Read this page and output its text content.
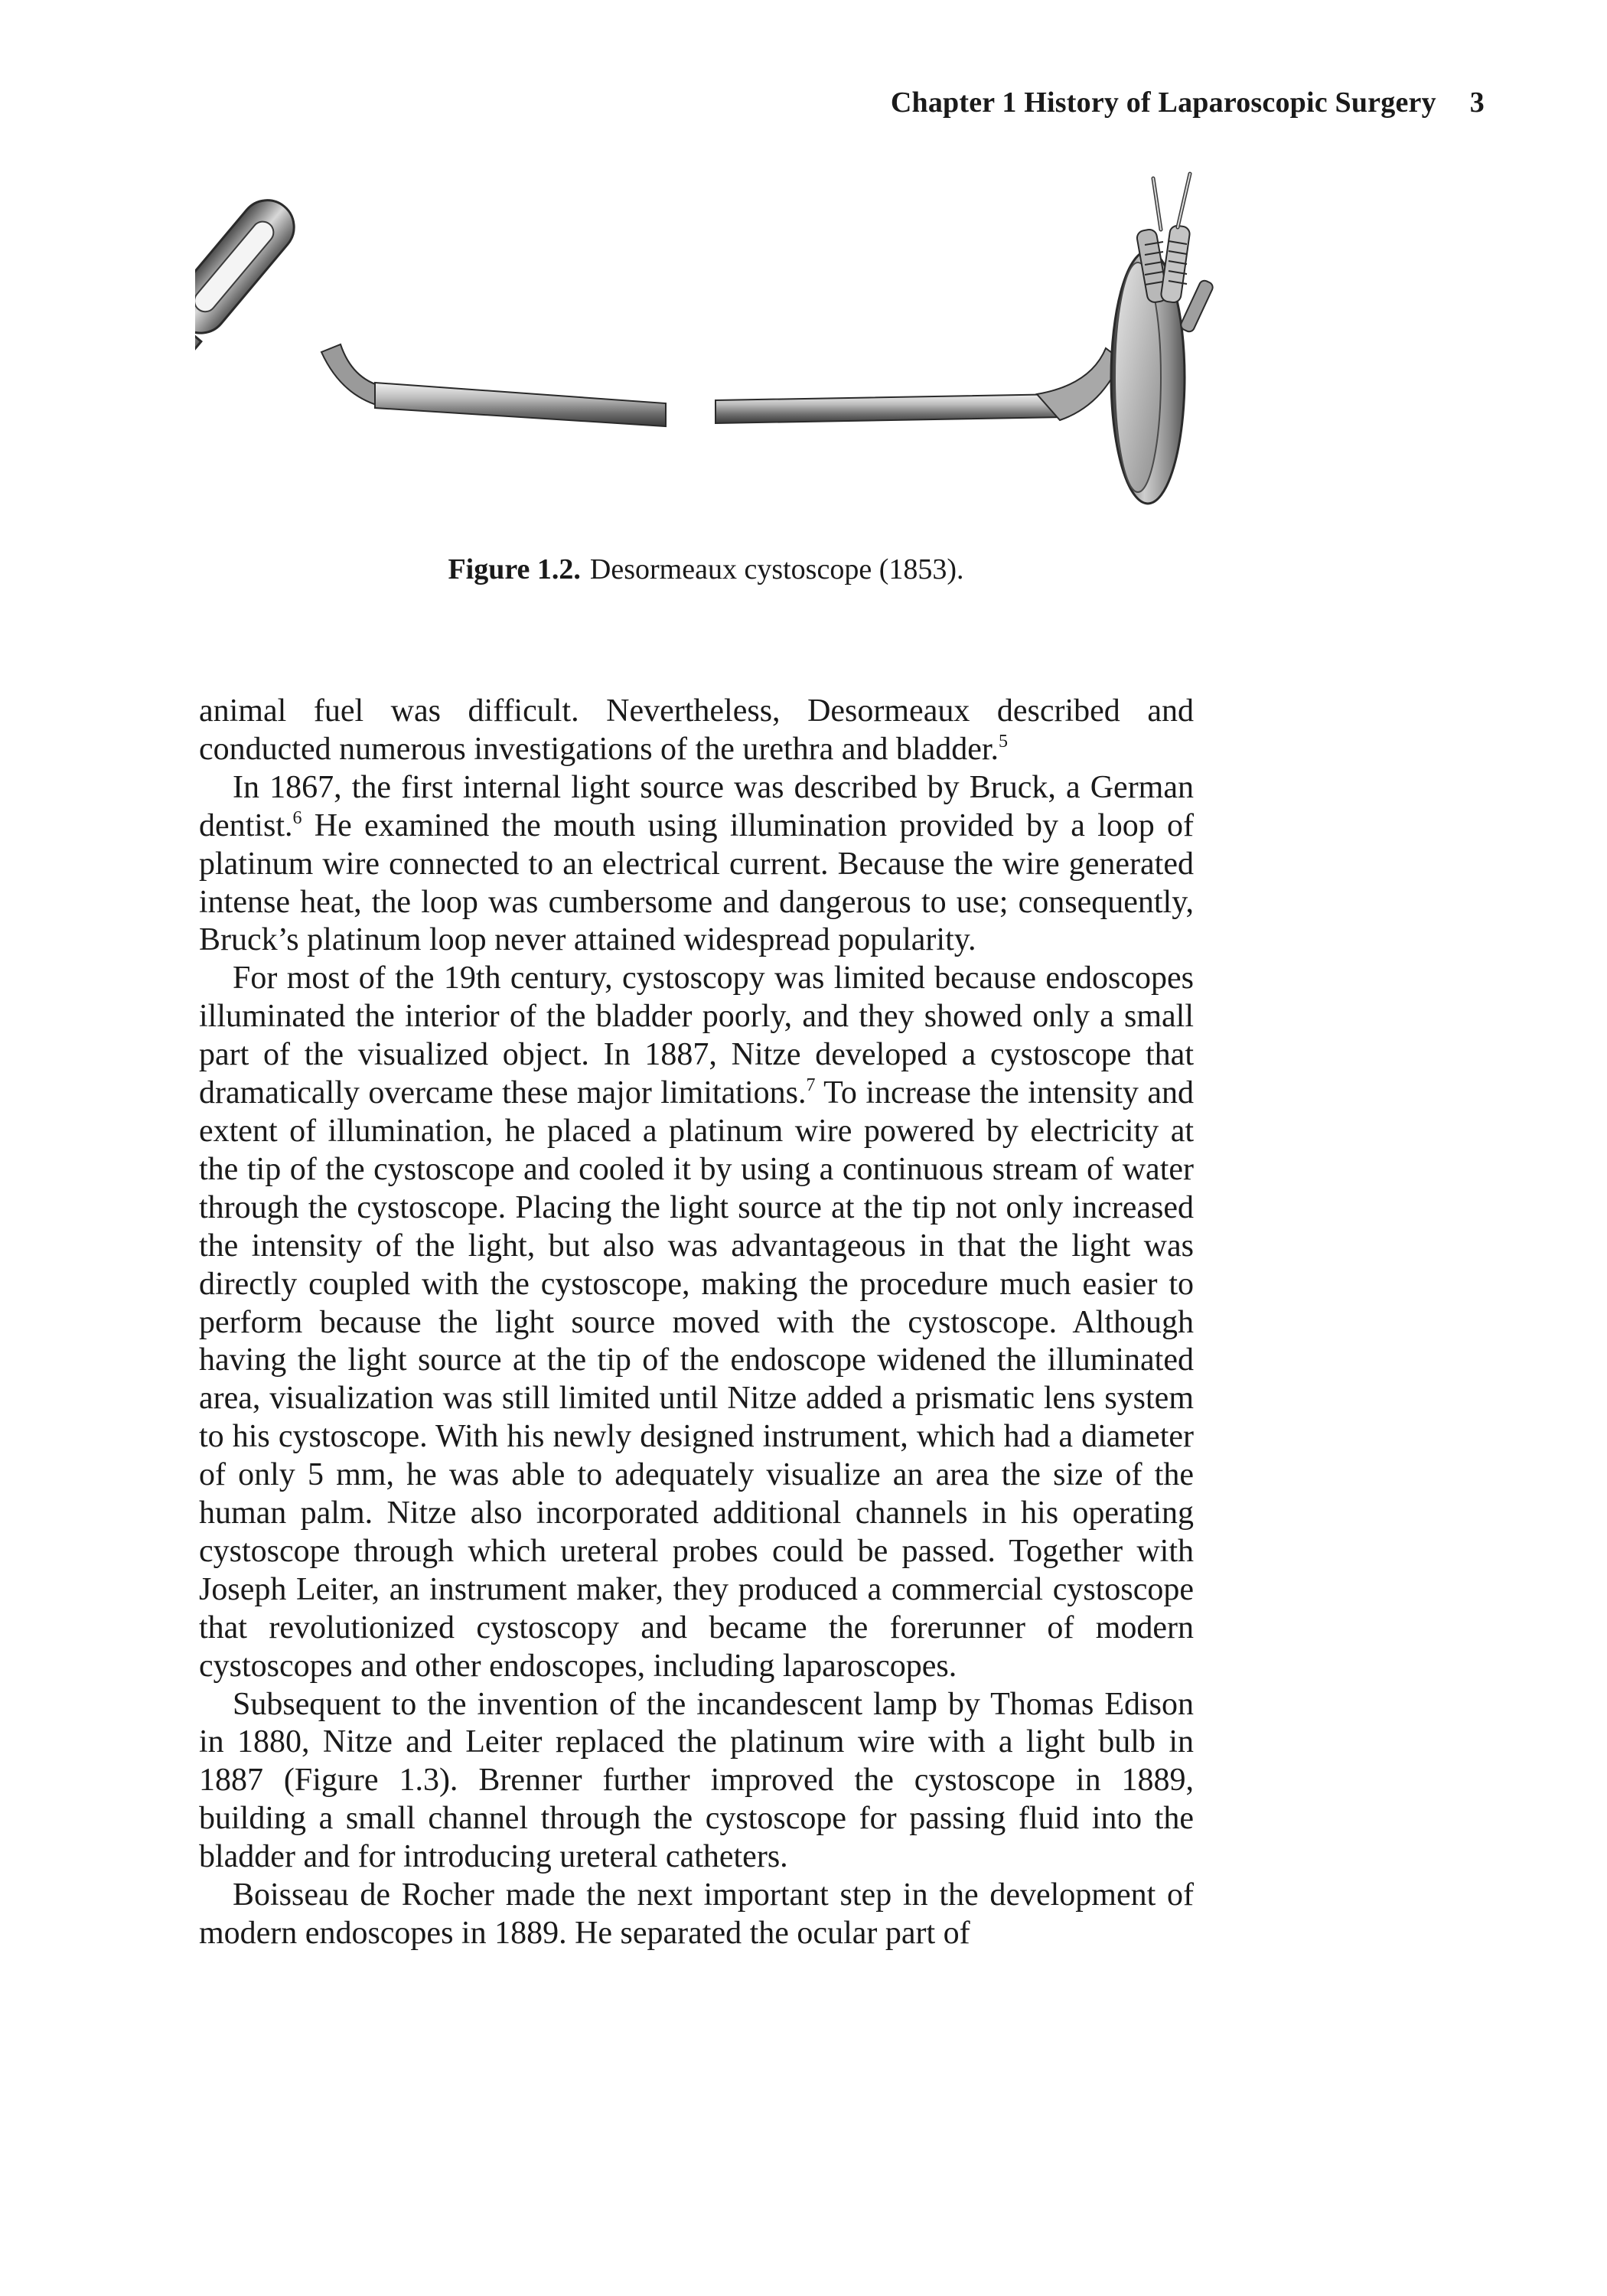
Chapter 1 History of Laparoscopic Surgery 3
Figure 1.2. Desormeaux cystoscope (1853).

animal fuel was difficult. Nevertheless, Desormeaux described and conducted numerous investigations of the urethra and bladder.$^5$

In 1867, the first internal light source was described by Bruck, a German dentist.$^6$ He examined the mouth using illumination provided by a loop of platinum wire connected to an electrical current. Because the wire generated intense heat, the loop was cumbersome and dangerous to use; consequently, Bruck’s platinum loop never attained widespread popularity.

For most of the 19th century, cystoscopy was limited because endoscopes illuminated the interior of the bladder poorly, and they showed only a small part of the visualized object. In 1887, Nitze developed a cystoscope that dramatically overcame these major limitations.$^7$ To increase the intensity and extent of illumination, he placed a platinum wire powered by electricity at the tip of the cystoscope and cooled it by using a continuous stream of water through the cystoscope. Placing the light source at the tip not only increased the intensity of the light, but also was advantageous in that the light was directly coupled with the cystoscope, making the procedure much easier to perform because the light source moved with the cystoscope. Although having the light source at the tip of the endoscope widened the illuminated area, visualization was still limited until Nitze added a prismatic lens system to his cystoscope. With his newly designed instrument, which had a diameter of only 5 mm, he was able to adequately visualize an area the size of the human palm. Nitze also incorporated additional channels in his operating cystoscope through which ureteral probes could be passed. Together with Joseph Leiter, an instrument maker, they produced a commercial cystoscope that revolutionized cystoscopy and became the forerunner of modern cystoscopes and other endoscopes, including laparoscopes.

Subsequent to the invention of the incandescent lamp by Thomas Edison in 1880, Nitze and Leiter replaced the platinum wire with a light bulb in 1887 (Figure 1.3). Brenner further improved the cystoscope in 1889, building a small channel through the cystoscope for passing fluid into the bladder and for introducing ureteral catheters.

Boisseau de Rocher made the next important step in the development of modern endoscopes in 1889. He separated the ocular part of
